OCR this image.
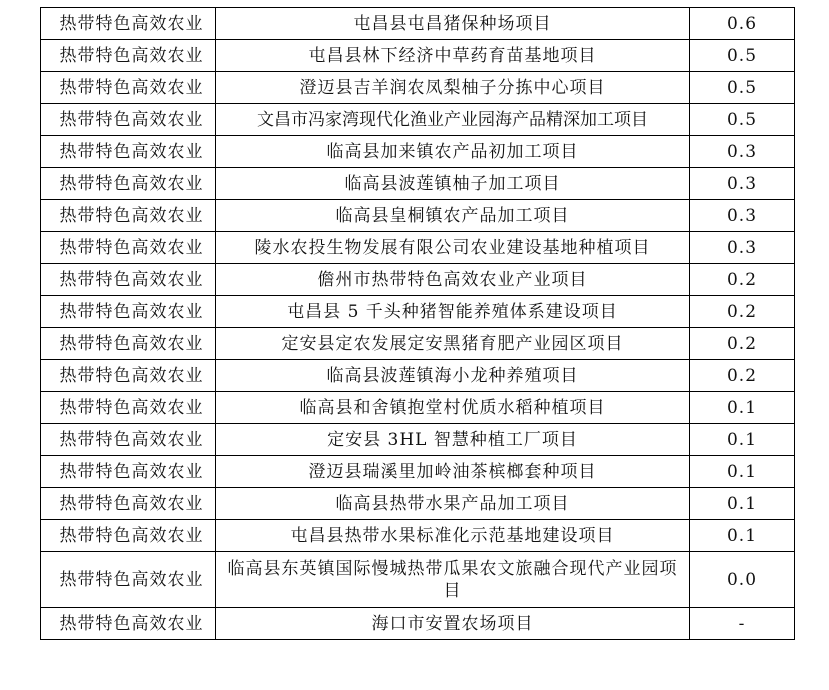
热带特色高效农业	屯昌县屯昌猪保种场项目	0.6
热带特色高效农业	屯昌县林下经济中草药育苗基地项目	0.5
热带特色高效农业	澄迈县吉羊润农凤梨柚子分拣中心项目	0.5
热带特色高效农业	文昌市冯家湾现代化渔业产业园海产品精深加工项目	0.5
热带特色高效农业	临高县加来镇农产品初加工项目	0.3
热带特色高效农业	临高县波莲镇柚子加工项目	0.3
热带特色高效农业	临高县皇桐镇农产品加工项目	0.3
热带特色高效农业	陵水农投生物发展有限公司农业建设基地种植项目	0.3
热带特色高效农业	儋州市热带特色高效农业产业项目	0.2
热带特色高效农业	屯昌县 5 千头种猪智能养殖体系建设项目	0.2
热带特色高效农业	定安县定农发展定安黑猪育肥产业园区项目	0.2
热带特色高效农业	临高县波莲镇海小龙种养殖项目	0.2
热带特色高效农业	临高县和舍镇抱堂村优质水稻种植项目	0.1
热带特色高效农业	定安县 3HL 智慧种植工厂项目	0.1
热带特色高效农业	澄迈县瑞溪里加岭油茶槟榔套种项目	0.1
热带特色高效农业	临高县热带水果产品加工项目	0.1
热带特色高效农业	屯昌县热带水果标准化示范基地建设项目	0.1
热带特色高效农业	临高县东英镇国际慢城热带瓜果农文旅融合现代产业园项目	0.0
热带特色高效农业	海口市安置农场项目	-
